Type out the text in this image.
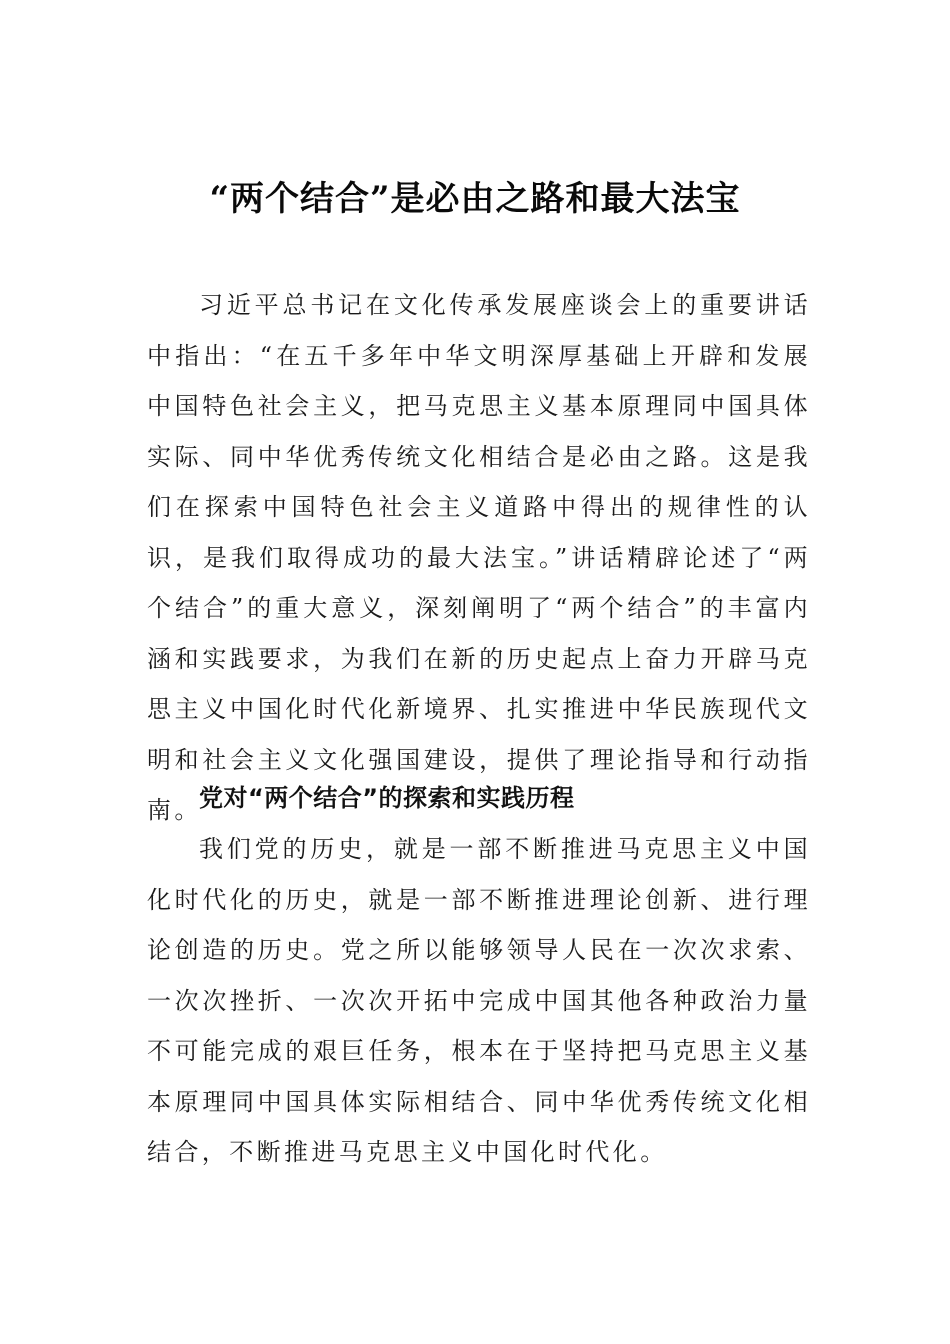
“两个结合”是必由之路和最大法宝

习近平总书记在文化传承发展座谈会上的重要讲话中指出：“在五千多年中华文明深厚基础上开辟和发展中国特色社会主义，把马克思主义基本原理同中国具体实际、同中华优秀传统文化相结合是必由之路。这是我们在探索中国特色社会主义道路中得出的规律性的认识，是我们取得成功的最大法宝。”讲话精辟论述了“两个结合”的重大意义，深刻阐明了“两个结合”的丰富内涵和实践要求，为我们在新的历史起点上奋力开辟马克思主义中国化时代化新境界、扎实推进中华民族现代文明和社会主义文化强国建设，提供了理论指导和行动指南。

党对“两个结合”的探索和实践历程

我们党的历史，就是一部不断推进马克思主义中国化时代化的历史，就是一部不断推进理论创新、进行理论创造的历史。党之所以能够领导人民在一次次求索、一次次挫折、一次次开拓中完成中国其他各种政治力量不可能完成的艰巨任务，根本在于坚持把马克思主义基本原理同中国具体实际相结合、同中华优秀传统文化相结合，不断推进马克思主义中国化时代化。
